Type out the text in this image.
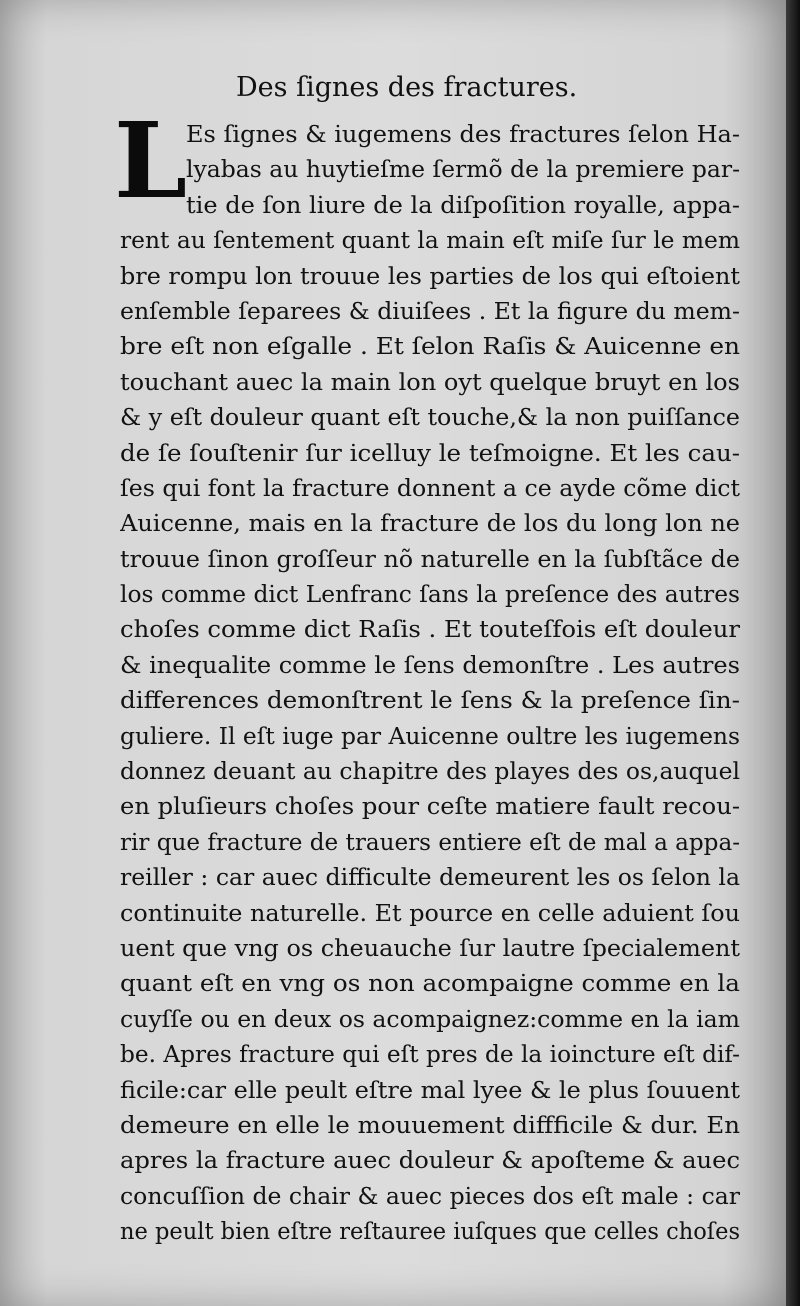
Des ſignes des fractures.
L
Es ſignes & iugemens des fractures ſelon Ha-
lyabas au huytieſme ſermõ de la premiere par-
tie de ſon liure de la diſpoſition royalle, appa-
rent au ſentement quant la main eſt miſe ſur le mem
bre rompu lon trouue les parties de los qui eſtoient
enſemble ſeparees & diuiſees . Et la figure du mem-
bre eſt non eſgalle . Et ſelon Raſis & Auicenne en
touchant auec la main lon oyt quelque bruyt en los
& y eſt douleur quant eſt touche,& la non puiſſance
de ſe ſouſtenir ſur icelluy le teſmoigne. Et les cau-
ſes qui font la fracture donnent a ce ayde cõme dict
Auicenne, mais en la fracture de los du long lon ne
trouue ſinon groſſeur nõ naturelle en la ſubſtãce de
los comme dict Lenfranc ſans la preſence des autres
choſes comme dict Raſis . Et touteſfois eſt douleur
& inequalite comme le ſens demonſtre . Les autres
differences demonſtrent le ſens & la preſence ſin-
guliere. Il eſt iuge par Auicenne oultre les iugemens
donnez deuant au chapitre des playes des os,auquel
en pluſieurs choſes pour ceſte matiere fault recou-
rir que fracture de trauers entiere eſt de mal a appa-
reiller : car auec difficulte demeurent les os ſelon la
continuite naturelle. Et pource en celle aduient ſou
uent que vng os cheuauche ſur lautre ſpecialement
quant eſt en vng os non acompaigne comme en la
cuyſſe ou en deux os acompaignez:comme en la iam
be. Apres fracture qui eſt pres de la ioincture eſt dif-
ficile:car elle peult eſtre mal lyee & le plus ſouuent
demeure en elle le mouuement diffficile & dur. En
apres la fracture auec douleur & apoſteme & auec
concuſſion de chair & auec pieces dos eſt male : car
ne peult bien eſtre reſtauree iuſques que celles choſes
